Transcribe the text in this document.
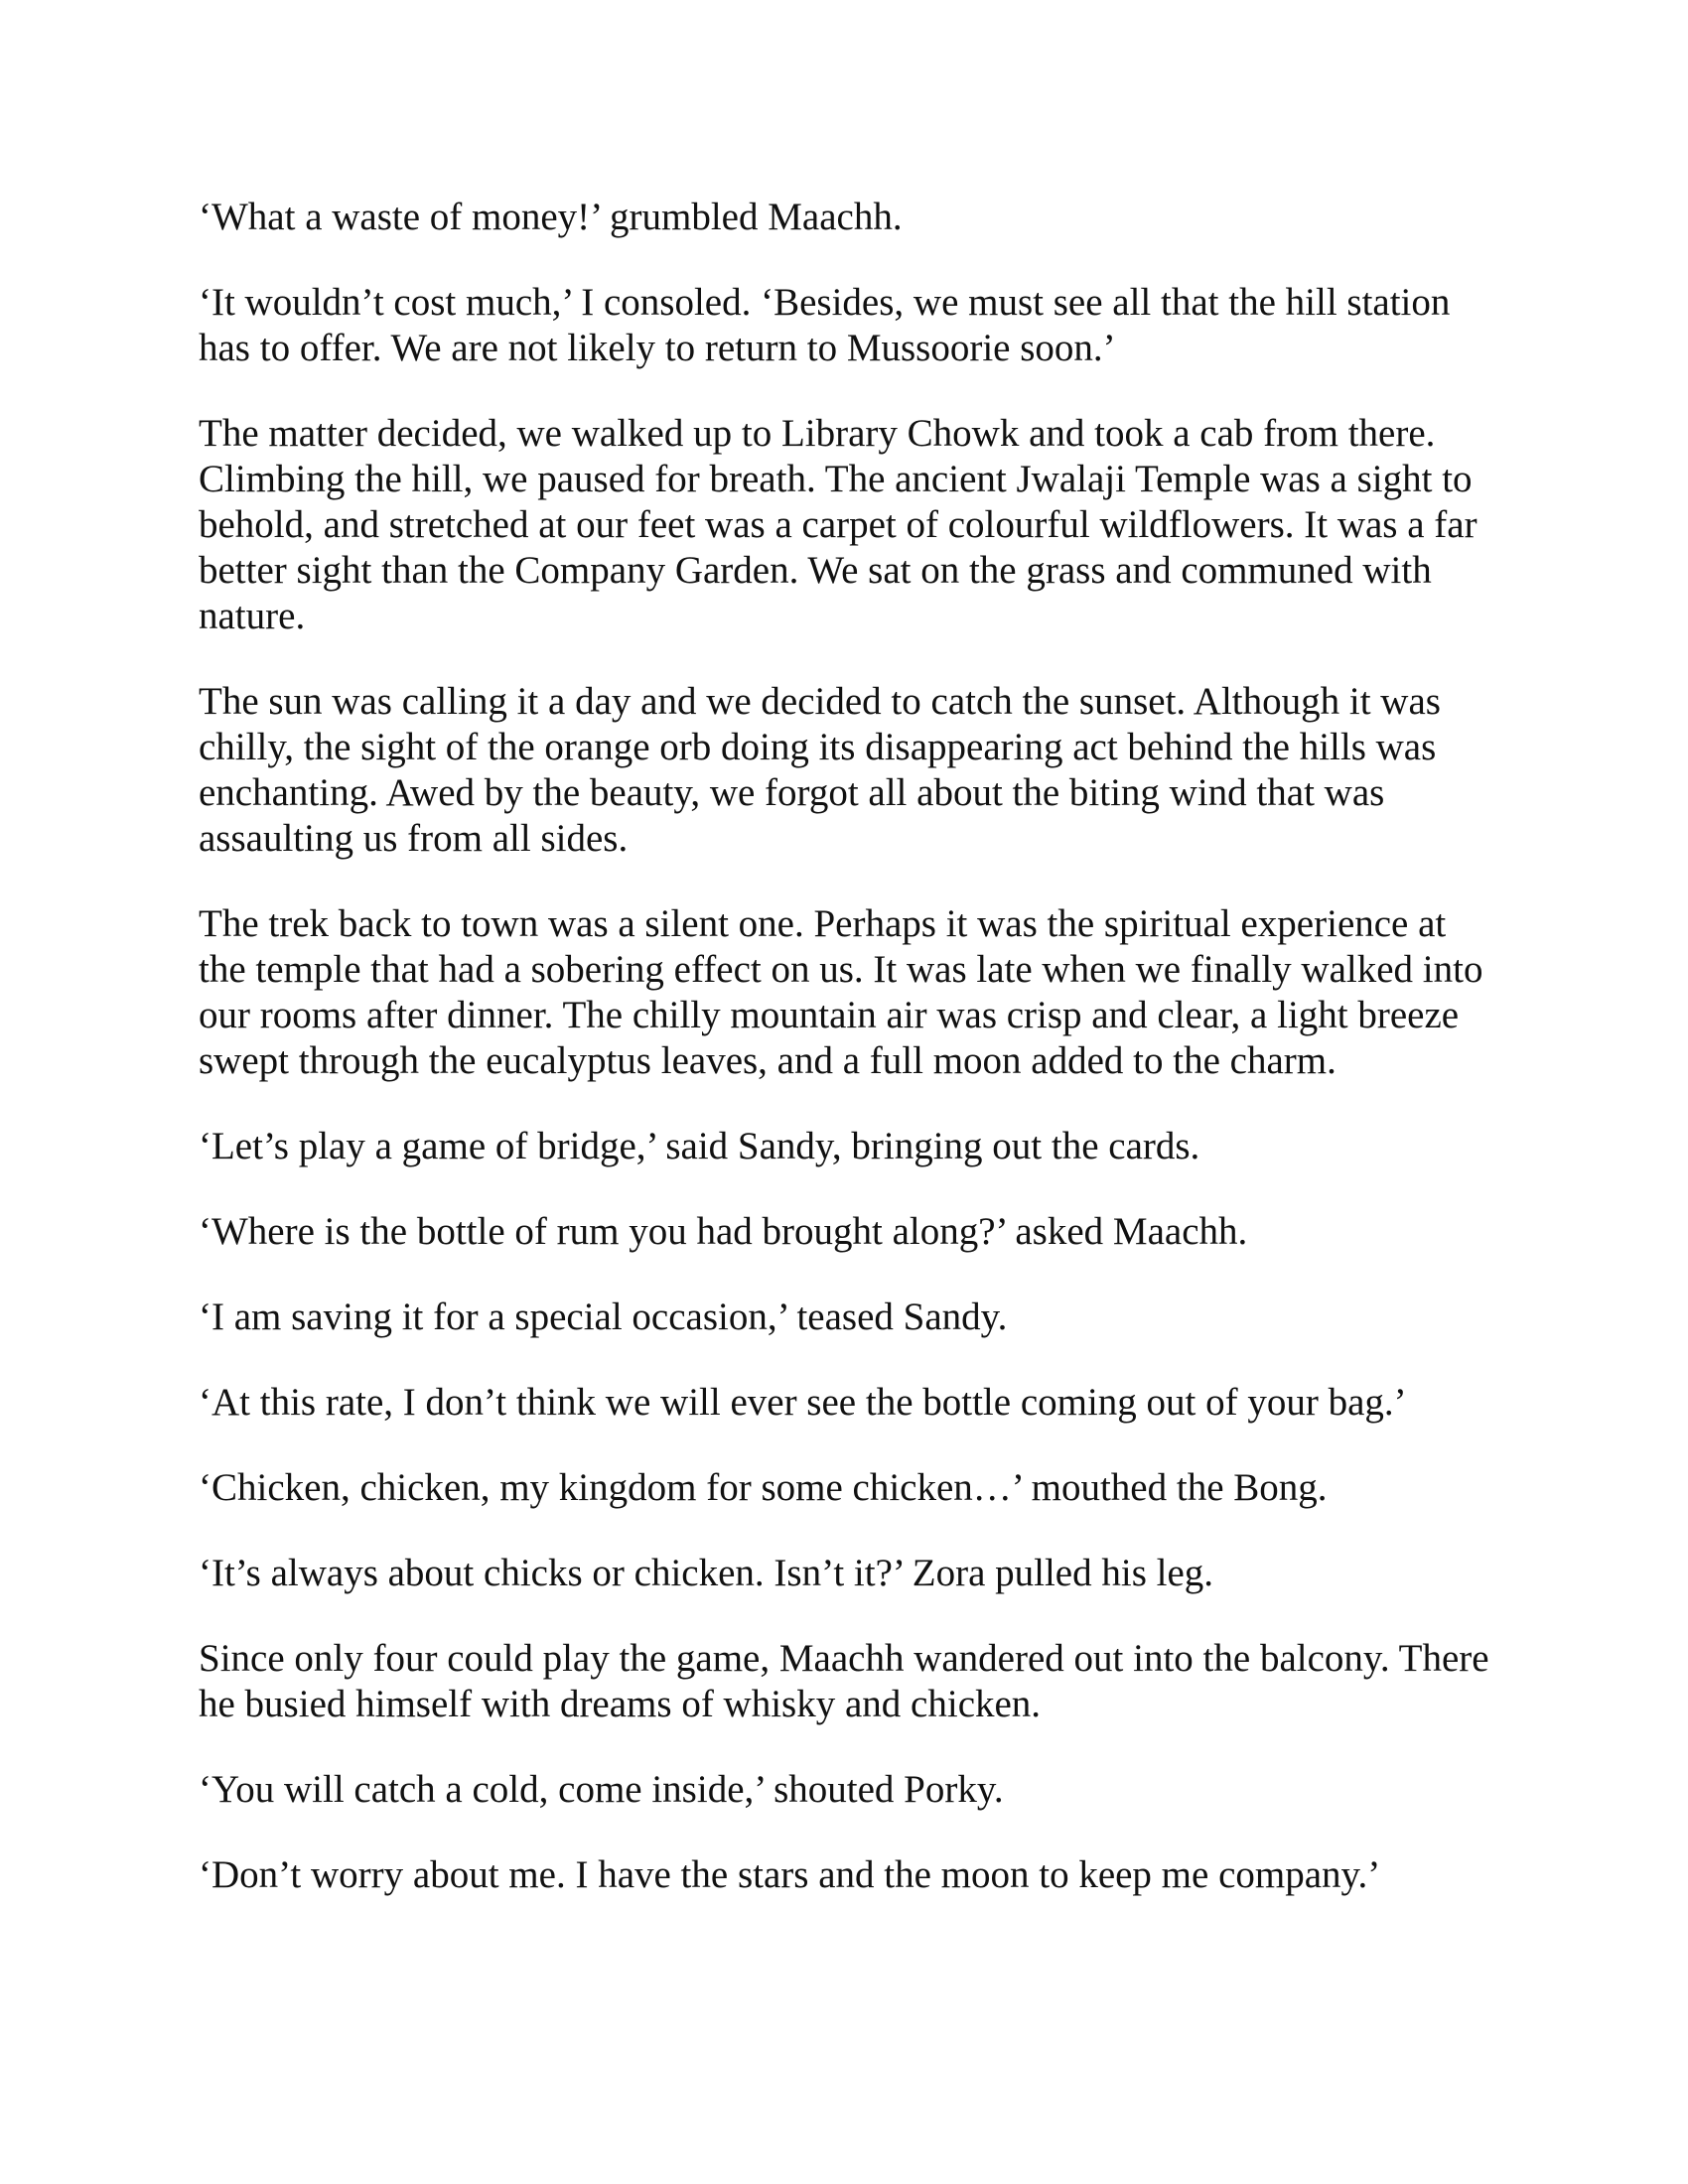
‘What a waste of money!’ grumbled Maachh.

‘It wouldn’t cost much,’ I consoled. ‘Besides, we must see all that the hill station has to offer. We are not likely to return to Mussoorie soon.’

The matter decided, we walked up to Library Chowk and took a cab from there. Climbing the hill, we paused for breath. The ancient Jwalaji Temple was a sight to behold, and stretched at our feet was a carpet of colourful wildflowers. It was a far better sight than the Company Garden. We sat on the grass and communed with nature.

The sun was calling it a day and we decided to catch the sunset. Although it was chilly, the sight of the orange orb doing its disappearing act behind the hills was enchanting. Awed by the beauty, we forgot all about the biting wind that was assaulting us from all sides.

The trek back to town was a silent one. Perhaps it was the spiritual experience at the temple that had a sobering effect on us. It was late when we finally walked into our rooms after dinner. The chilly mountain air was crisp and clear, a light breeze swept through the eucalyptus leaves, and a full moon added to the charm.

‘Let’s play a game of bridge,’ said Sandy, bringing out the cards.

‘Where is the bottle of rum you had brought along?’ asked Maachh.

‘I am saving it for a special occasion,’ teased Sandy.

‘At this rate, I don’t think we will ever see the bottle coming out of your bag.’

‘Chicken, chicken, my kingdom for some chicken…’ mouthed the Bong.

‘It’s always about chicks or chicken. Isn’t it?’ Zora pulled his leg.

Since only four could play the game, Maachh wandered out into the balcony. There he busied himself with dreams of whisky and chicken.

‘You will catch a cold, come inside,’ shouted Porky.

‘Don’t worry about me. I have the stars and the moon to keep me company.’
